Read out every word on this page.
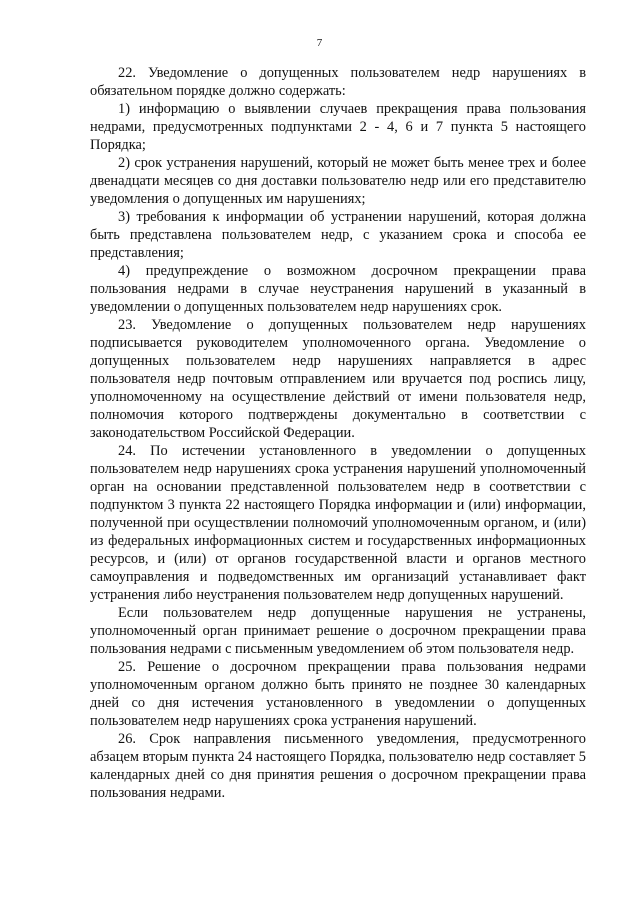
7

22. Уведомление о допущенных пользователем недр нарушениях в обязательном порядке должно содержать:

1) информацию о выявлении случаев прекращения права пользования недрами, предусмотренных подпунктами 2 - 4, 6 и 7 пункта 5 настоящего Порядка;

2) срок устранения нарушений, который не может быть менее трех и более двенадцати месяцев со дня доставки пользователю недр или его представителю уведомления о допущенных им нарушениях;

3) требования к информации об устранении нарушений, которая должна быть представлена пользователем недр, с указанием срока и способа ее представления;

4) предупреждение о возможном досрочном прекращении права пользования недрами в случае неустранения нарушений в указанный в уведомлении о допущенных пользователем недр нарушениях срок.

23. Уведомление о допущенных пользователем недр нарушениях подписывается руководителем уполномоченного органа. Уведомление о допущенных пользователем недр нарушениях направляется в адрес пользователя недр почтовым отправлением или вручается под роспись лицу, уполномоченному на осуществление действий от имени пользователя недр, полномочия которого подтверждены документально в соответствии с законодательством Российской Федерации.

24. По истечении установленного в уведомлении о допущенных пользователем недр нарушениях срока устранения нарушений уполномоченный орган на основании представленной пользователем недр в соответствии с подпунктом 3 пункта 22 настоящего Порядка информации и (или) информации, полученной при осуществлении полномочий уполномоченным органом, и (или) из федеральных информационных систем и государственных информационных ресурсов, и (или) от органов государственной власти и органов местного самоуправления и подведомственных им организаций устанавливает факт устранения либо неустранения пользователем недр допущенных нарушений.

Если пользователем недр допущенные нарушения не устранены, уполномоченный орган принимает решение о досрочном прекращении права пользования недрами с письменным уведомлением об этом пользователя недр.

25. Решение о досрочном прекращении права пользования недрами уполномоченным органом должно быть принято не позднее 30 календарных дней со дня истечения установленного в уведомлении о допущенных пользователем недр нарушениях срока устранения нарушений.

26. Срок направления письменного уведомления, предусмотренного абзацем вторым пункта 24 настоящего Порядка, пользователю недр составляет 5 календарных дней со дня принятия решения о досрочном прекращении права пользования недрами.
